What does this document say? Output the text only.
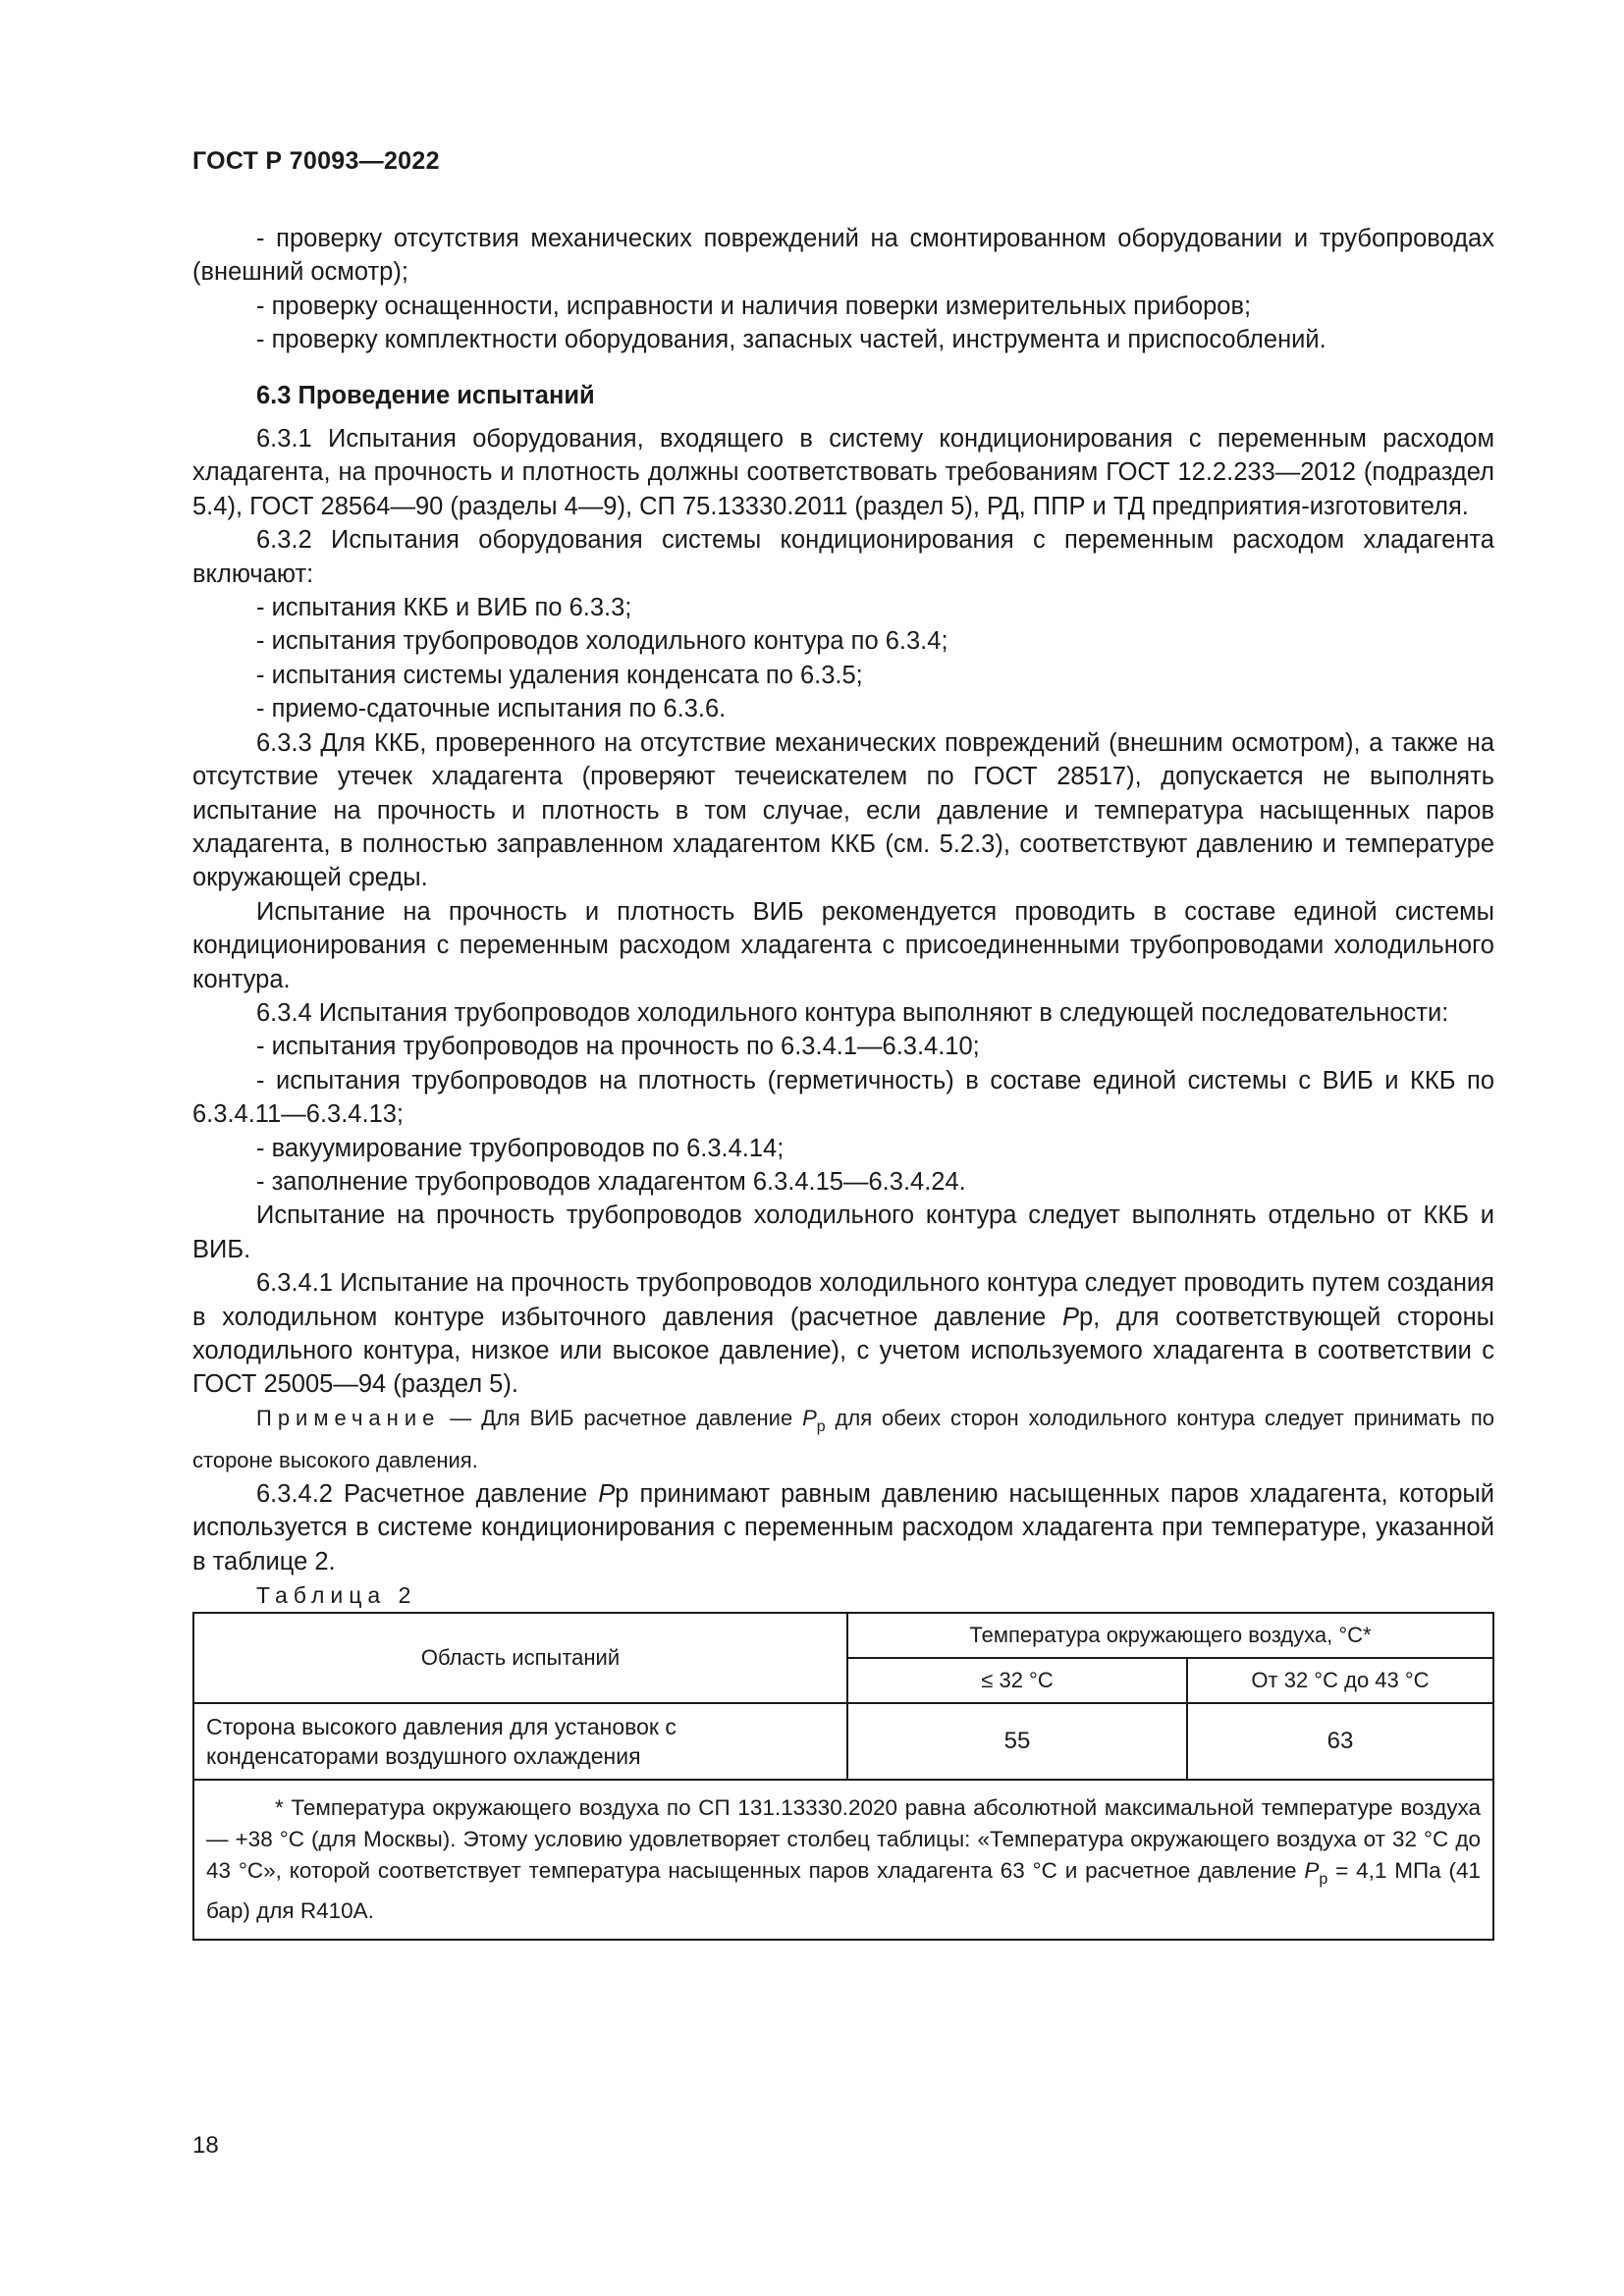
ГОСТ Р 70093—2022

- проверку отсутствия механических повреждений на смонтированном оборудовании и трубопроводах (внешний осмотр);

- проверку оснащенности, исправности и наличия поверки измерительных приборов;

- проверку комплектности оборудования, запасных частей, инструмента и приспособлений.

6.3 Проведение испытаний

6.3.1 Испытания оборудования, входящего в систему кондиционирования с переменным расходом хладагента, на прочность и плотность должны соответствовать требованиям ГОСТ 12.2.233—2012 (подраздел 5.4), ГОСТ 28564—90 (разделы 4—9), СП 75.13330.2011 (раздел 5), РД, ППР и ТД предприятия-изготовителя.

6.3.2 Испытания оборудования системы кондиционирования с переменным расходом хладагента включают:

- испытания ККБ и ВИБ по 6.3.3;

- испытания трубопроводов холодильного контура по 6.3.4;

- испытания системы удаления конденсата по 6.3.5;

- приемо-сдаточные испытания по 6.3.6.

6.3.3 Для ККБ, проверенного на отсутствие механических повреждений (внешним осмотром), а также на отсутствие утечек хладагента (проверяют течеискателем по ГОСТ 28517), допускается не выполнять испытание на прочность и плотность в том случае, если давление и температура насыщенных паров хладагента, в полностью заправленном хладагентом ККБ (см. 5.2.3), соответствуют давлению и температуре окружающей среды.

Испытание на прочность и плотность ВИБ рекомендуется проводить в составе единой системы кондиционирования с переменным расходом хладагента с присоединенными трубопроводами холодильного контура.

6.3.4 Испытания трубопроводов холодильного контура выполняют в следующей последовательности:

- испытания трубопроводов на прочность по 6.3.4.1—6.3.4.10;

- испытания трубопроводов на плотность (герметичность) в составе единой системы с ВИБ и ККБ по 6.3.4.11—6.3.4.13;

- вакуумирование трубопроводов по 6.3.4.14;

- заполнение трубопроводов хладагентом 6.3.4.15—6.3.4.24.

Испытание на прочность трубопроводов холодильного контура следует выполнять отдельно от ККБ и ВИБ.

6.3.4.1 Испытание на прочность трубопроводов холодильного контура следует проводить путем создания в холодильном контуре избыточного давления (расчетное давление Pр, для соответствующей стороны холодильного контура, низкое или высокое давление), с учетом используемого хладагента в соответствии с ГОСТ 25005—94 (раздел 5).

Примечание — Для ВИБ расчетное давление $P_р$ для обеих сторон холодильного контура следует принимать по стороне высокого давления.

6.3.4.2 Расчетное давление Pр принимают равным давлению насыщенных паров хладагента, который используется в системе кондиционирования с переменным расходом хладагента при температуре, указанной в таблице 2.

Таблица 2

Область испытаний	Температура окружающего воздуха, °С*	
	≤ 32 °С	От 32 °С до 43 °С
Сторона высокого давления для установок с конденсаторами воздушного охлаждения	55	63
* Температура окружающего воздуха по СП 131.13330.2020 равна абсолютной максимальной температуре воздуха — +38 °С (для Москвы). Этому условию удовлетворяет столбец таблицы: «Температура окружающего воздуха от 32 °С до 43 °С», которой соответствует температура насыщенных паров хладагента 63 °С и расчетное давление $P_р = 4,1$ МПа (41 бар) для R410A.		
18
